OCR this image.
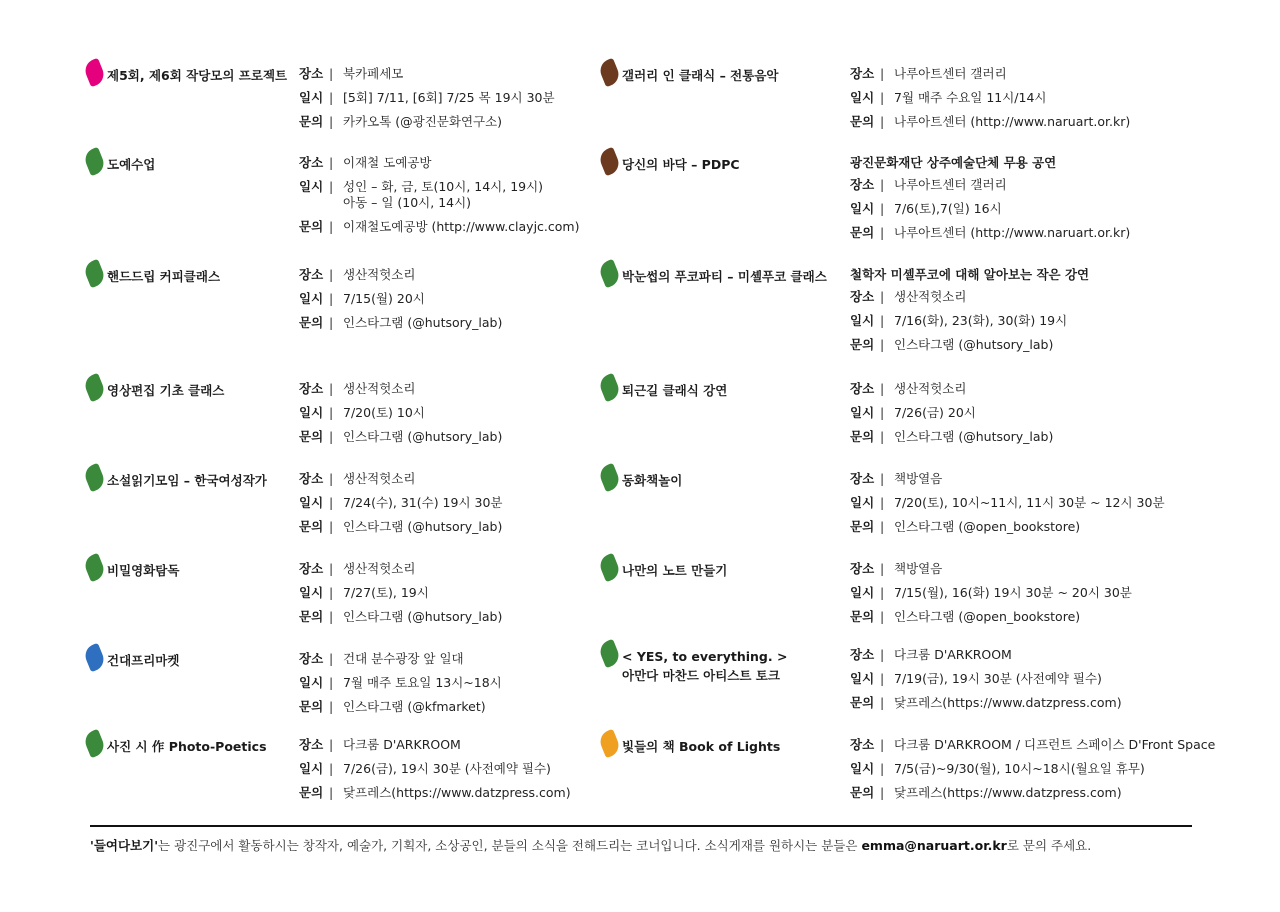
제5회, 제6회 작당모의 프로젝트 장소 | 북카페세모
일시 | [5회] 7/11, [6회] 7/25 목 19시 30분
문의 | 카카오톡 (@광진문화연구소)
도예수업	장소 | 이재철 도예공방
일시 | 성인 – 화, 금, 토(10시, 14시, 19시)
아동 – 일 (10시, 14시)
문의 | 이재철도예공방 (http://www.clayjc.com)
핸드드립 커피클래스	장소 | 생산적헛소리
일시 | 7/15(월) 20시
문의 | 인스타그램 (@hutsory_lab)
영상편집 기초 클래스	장소 | 생산적헛소리
일시 | 7/20(토) 10시
문의 | 인스타그램 (@hutsory_lab)
소설읽기모임 – 한국여성작가	장소 | 생산적헛소리
일시 | 7/24(수), 31(수) 19시 30분
문의 | 인스타그램 (@hutsory_lab)
비밀영화탐독	장소 | 생산적헛소리
일시 | 7/27(토), 19시
문의 | 인스타그램 (@hutsory_lab)
건대프리마켓	장소 | 건대 분수광장 앞 일대
일시 | 7월 매주 토요일 13시~18시
문의 | 인스타그램 (@kfmarket)
사진 시 作 Photo-Poetics	장소 | 다크룸 D'ARKROOM
일시 | 7/26(금), 19시 30분 (사전예약 필수)
문의 | 닻프레스(https://www.datzpress.com)
갤러리 인 클래식 – 전통음악	장소 | 나루아트센터 갤러리
일시 | 7월 매주 수요일 11시/14시
문의 | 나루아트센터 (http://www.naruart.or.kr)
당신의 바닥 – PDPC	광진문화재단 상주예술단체 무용 공연
장소 | 나루아트센터 갤러리
일시 | 7/6(토),7(일) 16시
문의 | 나루아트센터 (http://www.naruart.or.kr)
박눈썹의 푸코파티 – 미셸푸코 클래스 철학자 미셸푸코에 대해 알아보는 작은 강연
장소 | 생산적헛소리
일시 | 7/16(화), 23(화), 30(화) 19시
문의 | 인스타그램 (@hutsory_lab)
퇴근길 클래식 강연	장소 | 생산적헛소리
일시 | 7/26(금) 20시
문의 | 인스타그램 (@hutsory_lab)
동화책놀이	장소 | 책방열음
일시 | 7/20(토), 10시~11시, 11시 30분 ~ 12시 30분
문의 | 인스타그램 (@open_bookstore)
나만의 노트 만들기	장소 | 책방열음
일시 | 7/15(월), 16(화) 19시 30분 ~ 20시 30분
문의 | 인스타그램 (@open_bookstore)
< YES, to everything. >
아만다 마찬드 아티스트 토크
장소 | 다크룸 D'ARKROOM
일시 | 7/19(금), 19시 30분 (사전예약 필수)
문의 | 닻프레스(https://www.datzpress.com)
빛들의 책 Book of Lights	장소 | 다크룸 D'ARKROOM / 디프런트 스페이스 D'Front Space
일시 | 7/5(금)~9/30(월), 10시~18시(월요일 휴무)
문의 | 닻프레스(https://www.datzpress.com)
'들여다보기'는 광진구에서 활동하시는 창작자, 예술가, 기획자, 소상공인, 분들의 소식을 전해드리는 코너입니다. 소식게재를 원하시는 분들은 emma@naruart.or.kr로 문의 주세요.
